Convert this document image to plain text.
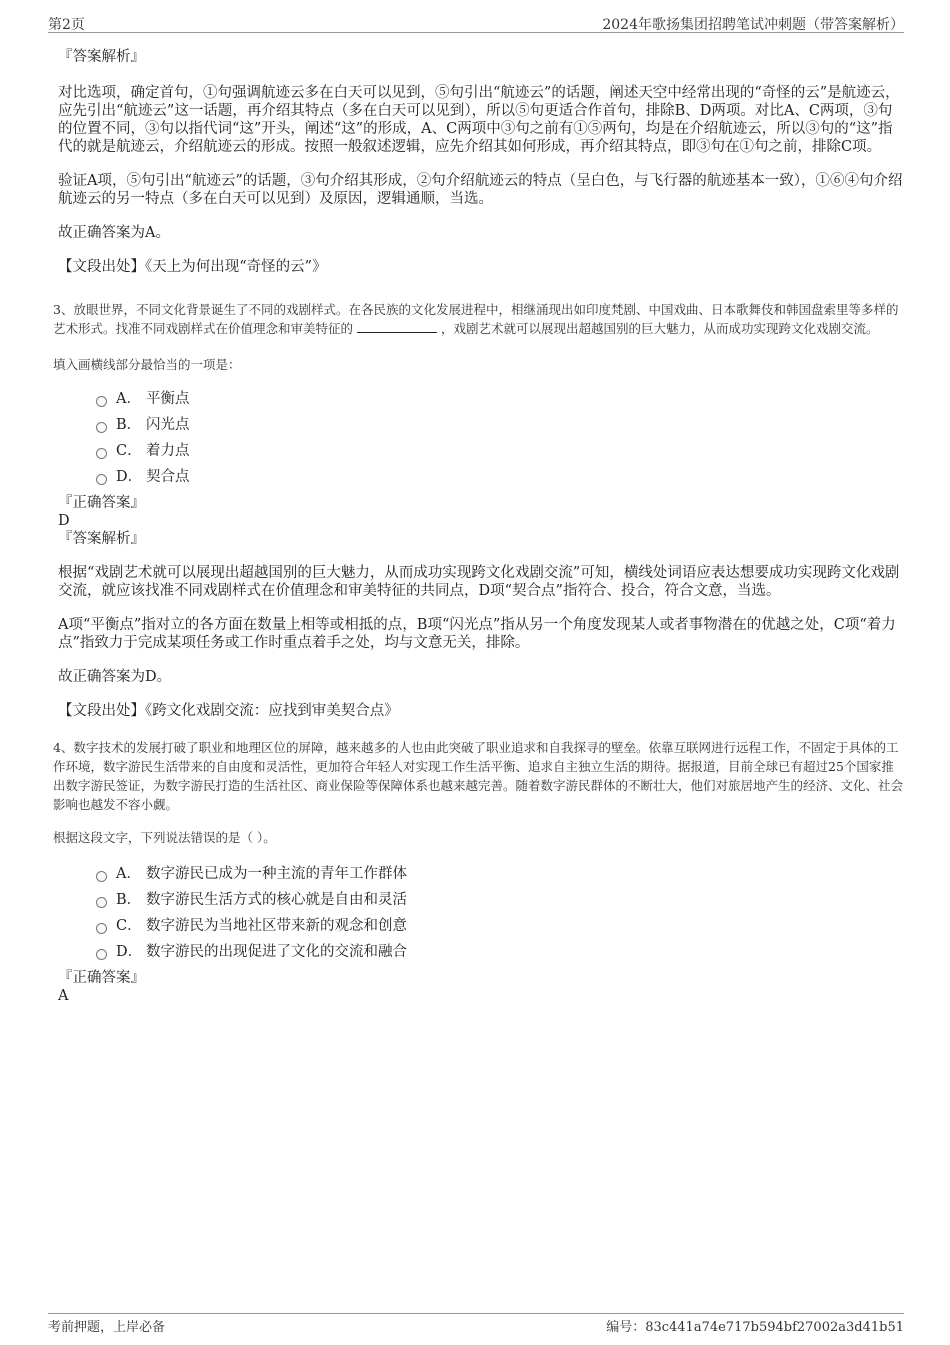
第2页	2024年歌扬集团招聘笔试冲刺题（带答案解析）

『答案解析』

对比选项，确定首句，①句强调航迹云多在白天可以见到，⑤句引出“航迹云”的话题，阐述天空中经常出现的“奇怪的云”是航迹云，应先引出“航迹云”这一话题，再介绍其特点（多在白天可以见到），所以⑤句更适合作首句，排除B、D两项。对比A、C两项，③句的位置不同，③句以指代词“这”开头，阐述“这”的形成，A、C两项中③句之前有①⑤两句，均是在介绍航迹云，所以③句的“这”指代的就是航迹云，介绍航迹云的形成。按照一般叙述逻辑，应先介绍其如何形成，再介绍其特点，即③句在①句之前，排除C项。

验证A项，⑤句引出“航迹云”的话题，③句介绍其形成，②句介绍航迹云的特点（呈白色，与飞行器的航迹基本一致），①⑥④句介绍航迹云的另一特点（多在白天可以见到）及原因，逻辑通顺，当选。

故正确答案为A。

【文段出处】《天上为何出现“奇怪的云”》

3、放眼世界，不同文化背景诞生了不同的戏剧样式。在各民族的文化发展进程中，相继涌现出如印度梵剧、中国戏曲、日本歌舞伎和韩国盘索里等多样的艺术形式。找准不同戏剧样式在价值理念和审美特征的	，戏剧艺术就可以展现出超越国别的巨大魅力，从而成功实现跨文化戏剧交流。

填入画横线部分最恰当的一项是：

A． 平衡点
B． 闪光点
C． 着力点
D． 契合点

『正确答案』

D

『答案解析』

根据“戏剧艺术就可以展现出超越国别的巨大魅力，从而成功实现跨文化戏剧交流”可知，横线处词语应表达想要成功实现跨文化戏剧交流，就应该找准不同戏剧样式在价值理念和审美特征的共同点，D项“契合点”指符合、投合，符合文意，当选。

A项“平衡点”指对立的各方面在数量上相等或相抵的点，B项“闪光点”指从另一个角度发现某人或者事物潜在的优越之处，C项“着力点”指致力于完成某项任务或工作时重点着手之处，均与文意无关，排除。

故正确答案为D。

【文段出处】《跨文化戏剧交流：应找到审美契合点》

4、数字技术的发展打破了职业和地理区位的屏障，越来越多的人也由此突破了职业追求和自我探寻的壁垒。依靠互联网进行远程工作，不固定于具体的工作环境，数字游民生活带来的自由度和灵活性，更加符合年轻人对实现工作生活平衡、追求自主独立生活的期待。据报道，目前全球已有超过25个国家推出数字游民签证，为数字游民打造的生活社区、商业保险等保障体系也越来越完善。随着数字游民群体的不断壮大，他们对旅居地产生的经济、文化、社会影响也越发不容小觑。

根据这段文字，下列说法错误的是（ ）。

A． 数字游民已成为一种主流的青年工作群体
B． 数字游民生活方式的核心就是自由和灵活
C． 数字游民为当地社区带来新的观念和创意
D． 数字游民的出现促进了文化的交流和融合

『正确答案』

A

考前押题，上岸必备	编号：83c441a74e717b594bf27002a3d41b51
